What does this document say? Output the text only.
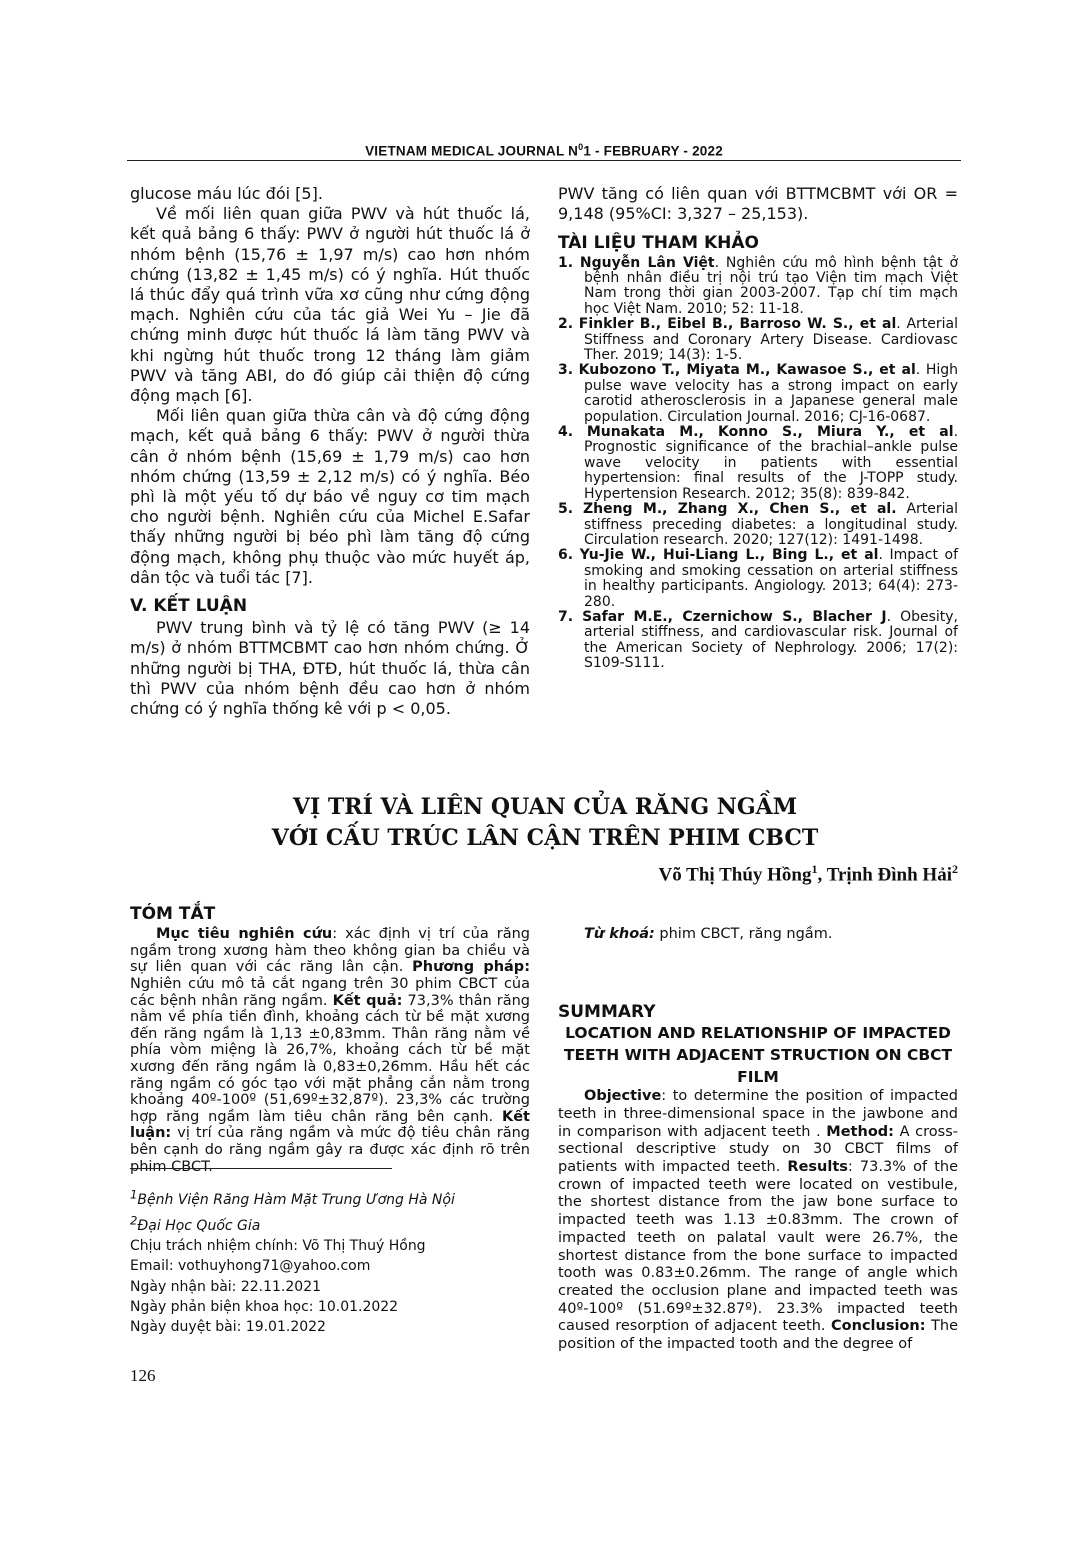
VIETNAM MEDICAL JOURNAL $N^01$ - FEBRUARY - 2022

glucose máu lúc đói [5].

Về mối liên quan giữa PWV và hút thuốc lá, kết quả bảng 6 thấy: PWV ở người hút thuốc lá ở nhóm bệnh (15,76 ± 1,97 m/s) cao hơn nhóm chứng (13,82 ± 1,45 m/s) có ý nghĩa. Hút thuốc lá thúc đẩy quá trình vữa xơ cũng như cứng động mạch. Nghiên cứu của tác giả Wei Yu – Jie đã chứng minh được hút thuốc lá làm tăng PWV và khi ngừng hút thuốc trong 12 tháng làm giảm PWV và tăng ABI, do đó giúp cải thiện độ cứng động mạch [6].

Mối liên quan giữa thừa cân và độ cứng động mạch, kết quả bảng 6 thấy: PWV ở người thừa cân ở nhóm bệnh (15,69 ± 1,79 m/s) cao hơn nhóm chứng (13,59 ± 2,12 m/s) có ý nghĩa. Béo phì là một yếu tố dự báo về nguy cơ tim mạch cho người bệnh. Nghiên cứu của Michel E.Safar thấy những người bị béo phì làm tăng độ cứng động mạch, không phụ thuộc vào mức huyết áp, dân tộc và tuổi tác [7].

V. KẾT LUẬN

PWV trung bình và tỷ lệ có tăng PWV (≥ 14 m/s) ở nhóm BTTMCBMT cao hơn nhóm chứng. Ở những người bị THA, ĐTĐ, hút thuốc lá, thừa cân thì PWV của nhóm bệnh đều cao hơn ở nhóm chứng có ý nghĩa thống kê với p < 0,05.

PWV tăng có liên quan với BTTMCBMT với OR = 9,148 (95%CI: 3,327 – 25,153).

TÀI LIỆU THAM KHẢO

1. Nguyễn Lân Việt. Nghiên cứu mô hình bệnh tật ở bệnh nhân điều trị nội trú tạo Viện tim mạch Việt Nam trong thời gian 2003-2007. Tạp chí tim mạch học Việt Nam. 2010; 52: 11-18.

2. Finkler B., Eibel B., Barroso W. S., et al. Arterial Stiffness and Coronary Artery Disease. Cardiovasc Ther. 2019; 14(3): 1-5.

3. Kubozono T., Miyata M., Kawasoe S., et al. High pulse wave velocity has a strong impact on early carotid atherosclerosis in a Japanese general male population. Circulation Journal. 2016; CJ-16-0687.

4. Munakata M., Konno S., Miura Y., et al. Prognostic significance of the brachial–ankle pulse wave velocity in patients with essential hypertension: final results of the J-TOPP study. Hypertension Research. 2012; 35(8): 839-842.

5. Zheng M., Zhang X., Chen S., et al. Arterial stiffness preceding diabetes: a longitudinal study. Circulation research. 2020; 127(12): 1491-1498.

6. Yu-Jie W., Hui-Liang L., Bing L., et al. Impact of smoking and smoking cessation on arterial stiffness in healthy participants. Angiology. 2013; 64(4): 273-280.

7. Safar M.E., Czernichow S., Blacher J. Obesity, arterial stiffness, and cardiovascular risk. Journal of the American Society of Nephrology. 2006; 17(2): S109-S111.

VỊ TRÍ VÀ LIÊN QUAN CỦA RĂNG NGẦM
VỚI CẤU TRÚC LÂN CẬN TRÊN PHIM CBCT
Võ Thị Thúy Hồng$^1$, Trịnh Đình Hải$^2$

TÓM TẮT

Mục tiêu nghiên cứu: xác định vị trí của răng ngầm trong xương hàm theo không gian ba chiều và sự liên quan với các răng lân cận. Phương pháp: Nghiên cứu mô tả cắt ngang trên 30 phim CBCT của các bệnh nhân răng ngầm. Kết quả: 73,3% thân răng nằm về phía tiền đình, khoảng cách từ bề mặt xương đến răng ngầm là 1,13 ±0,83mm. Thân răng nằm về phía vòm miệng là 26,7%, khoảng cách từ bề mặt xương đến răng ngầm là 0,83±0,26mm. Hầu hết các răng ngầm có góc tạo với mặt phẳng cắn nằm trong khoảng 40º-100º (51,69º±32,87º). 23,3% các trường hợp răng ngầm làm tiêu chân răng bên cạnh. Kết luận: vị trí của răng ngầm và mức độ tiêu chân răng bên cạnh do răng ngầm gây ra được xác định rõ trên phim CBCT.

SUMMARY

LOCATION AND RELATIONSHIP OF IMPACTED TEETH WITH ADJACENT STRUCTION ON CBCT FILM

Objective: to determine the position of impacted teeth in three-dimensional space in the jawbone and in comparison with adjacent teeth . Method: A cross-sectional descriptive study on 30 CBCT films of patients with impacted teeth. Results: 73.3% of the crown of impacted teeth were located on vestibule, the shortest distance from the jaw bone surface to impacted teeth was 1.13 ±0.83mm. The crown of impacted teeth on palatal vault were 26.7%, the shortest distance from the bone surface to impacted tooth was 0.83±0.26mm. The range of angle which created the occlusion plane and impacted teeth was 40º-100º (51.69º±32.87º). 23.3% impacted teeth caused resorption of adjacent teeth. Conclusion: The position of the impacted tooth and the degree of

Từ khoá: phim CBCT, răng ngầm.

$^1$Bệnh Viện Răng Hàm Mặt Trung Ương Hà Nội

$^2$Đại Học Quốc Gia

Chịu trách nhiệm chính: Võ Thị Thuý Hồng

Email: vothuyhong71@yahoo.com

Ngày nhận bài: 22.11.2021

Ngày phản biện khoa học: 10.01.2022

Ngày duyệt bài: 19.01.2022

126
